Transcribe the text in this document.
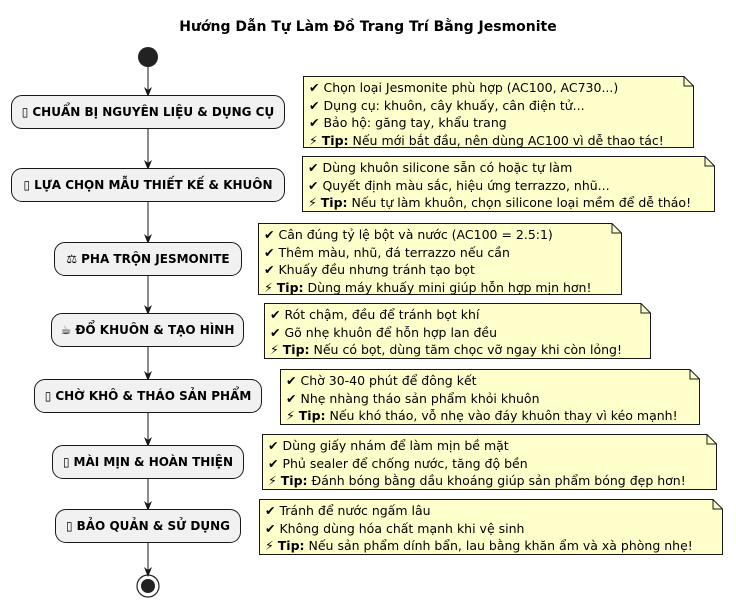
Hướng Dẫn Tự Làm Đồ Trang Trí Bằng Jesmonite
▯ CHUẨN BỊ NGUYÊN LIỆU & DỤNG CỤ
✔ Chọn loại Jesmonite phù hợp (AC100, AC730...)
✔ Dụng cụ: khuôn, cây khuấy, cân điện tử...
✔ Bảo hộ: găng tay, khẩu trang
⚡ Tip: Nếu mới bắt đầu, nên dùng AC100 vì dễ thao tác!
▯ LỰA CHỌN MẪU THIẾT KẾ & KHUÔN
✔ Dùng khuôn silicone sẵn có hoặc tự làm
✔ Quyết định màu sắc, hiệu ứng terrazzo, nhũ...
⚡ Tip: Nếu tự làm khuôn, chọn silicone loại mềm để dễ tháo!
⚖ PHA TRỘN JESMONITE
✔ Cân đúng tỷ lệ bột và nước (AC100 = 2.5:1)
✔ Thêm màu, nhũ, đá terrazzo nếu cần
✔ Khuấy đều nhưng tránh tạo bọt
⚡ Tip: Dùng máy khuấy mini giúp hỗn hợp mịn hơn!
☕ ĐỔ KHUÔN & TẠO HÌNH
✔ Rót chậm, đều để tránh bọt khí
✔ Gõ nhẹ khuôn để hỗn hợp lan đều
⚡ Tip: Nếu có bọt, dùng tăm chọc vỡ ngay khi còn lỏng!
▯ CHỜ KHÔ & THÁO SẢN PHẨM
✔ Chờ 30-40 phút để đông kết
✔ Nhẹ nhàng tháo sản phẩm khỏi khuôn
⚡ Tip: Nếu khó tháo, vỗ nhẹ vào đáy khuôn thay vì kéo mạnh!
▯ MÀI MỊN & HOÀN THIỆN
✔ Dùng giấy nhám để làm mịn bề mặt
✔ Phủ sealer để chống nước, tăng độ bền
⚡ Tip: Đánh bóng bằng dầu khoáng giúp sản phẩm bóng đẹp hơn!
▯ BẢO QUẢN & SỬ DỤNG
✔ Tránh để nước ngấm lâu
✔ Không dùng hóa chất mạnh khi vệ sinh
⚡ Tip: Nếu sản phẩm dính bẩn, lau bằng khăn ẩm và xà phòng nhẹ!
